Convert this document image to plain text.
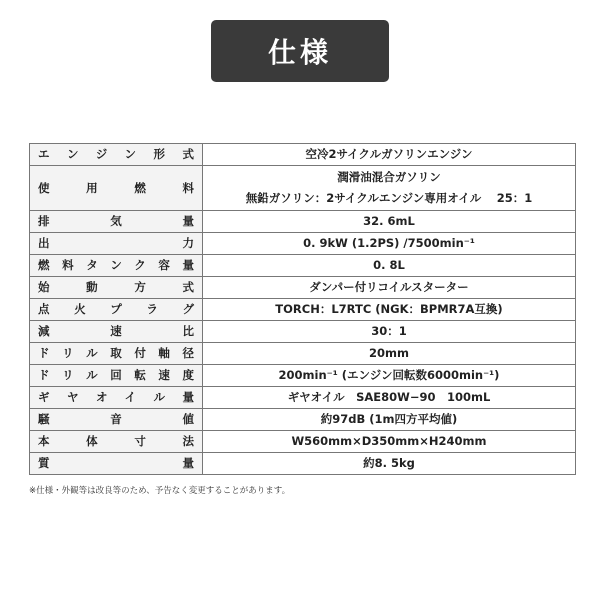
仕様
エンジン形式	空冷2サイクルガソリンエンジン
使用燃料	潤滑油混合ガソリン
無鉛ガソリン：2サイクルエンジン専用オイル　 25：1

排気量	32. 6mL
出力	0. 9kW (1.2PS) /7500min⁻¹
燃料タンク容量	0. 8L
始動方式	ダンパー付リコイルスターター
点火プラグ	TORCH：L7RTC (NGK：BPMR7A互換)
減速比	30：1
ドリル取付軸径	20mm
ドリル回転速度	200min⁻¹ (エンジン回転数6000min⁻¹)
ギヤオイル量	ギヤオイル　SAE80W−90　100mL
騒音値	約97dB (1m四方平均値)
本体寸法	W560mm×D350mm×H240mm
質量	約8. 5kg
※仕様・外観等は改良等のため、予告なく変更することがあります。
